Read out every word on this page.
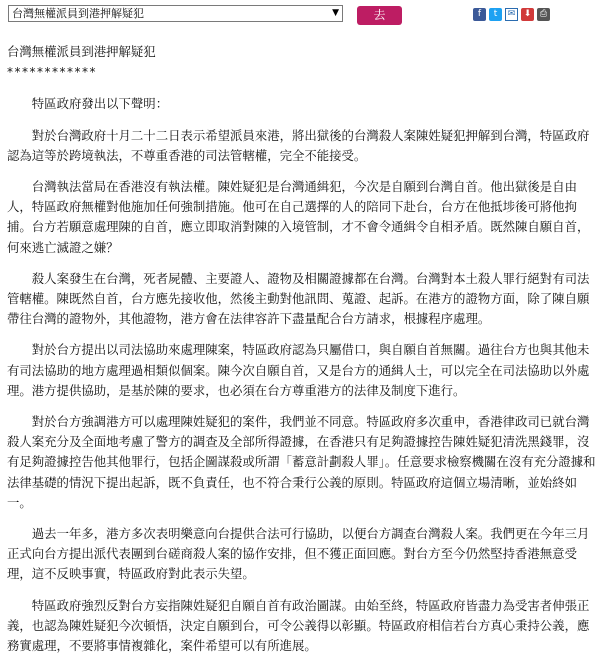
台灣無權派員到港押解疑犯	▼	去	f	t	✉ ⬇ ⎙

台灣無權派員到港押解疑犯

************

特區政府發出以下聲明：

對於台灣政府十月二十二日表示希望派員來港，將出獄後的台灣殺人案陳姓疑犯押解到台灣，特區政府認為這等於跨境執法，不尊重香港的司法管轄權，完全不能接受。

台灣執法當局在香港沒有執法權。陳姓疑犯是台灣通緝犯，今次是自願到台灣自首。他出獄後是自由人，特區政府無權對他施加任何強制措施。他可在自己選擇的人的陪同下赴台，台方在他抵埗後可將他拘捕。台方若願意處理陳的自首，應立即取消對陳的入境管制，才不會令通緝令自相矛盾。既然陳自願自首，何來逃亡滅證之嫌？

殺人案發生在台灣，死者屍體、主要證人、證物及相關證據都在台灣。台灣對本土殺人罪行絕對有司法管轄權。陳既然自首，台方應先接收他，然後主動對他訊問、蒐證、起訴。在港方的證物方面，除了陳自願帶往台灣的證物外，其他證物，港方會在法律容許下盡量配合台方請求，根據程序處理。

對於台方提出以司法協助來處理陳案，特區政府認為只屬借口，與自願自首無關。過往台方也與其他未有司法協助的地方處理過相類似個案。陳今次自願自首，又是台方的通緝人士，可以完全在司法協助以外處理。港方提供協助，是基於陳的要求，也必須在台方尊重港方的法律及制度下進行。

對於台方強調港方可以處理陳姓疑犯的案件，我們並不同意。特區政府多次重申，香港律政司已就台灣殺人案充分及全面地考慮了警方的調查及全部所得證據，在香港只有足夠證據控告陳姓疑犯清洗黑錢罪，沒有足夠證據控告他其他罪行，包括企圖謀殺或所謂「蓄意計劃殺人罪」。任意要求檢察機關在沒有充分證據和法律基礎的情況下提出起訴，既不負責任，也不符合秉行公義的原則。特區政府這個立場清晰，並始終如一。

過去一年多，港方多次表明樂意向台提供合法可行協助，以便台方調查台灣殺人案。我們更在今年三月正式向台方提出派代表團到台磋商殺人案的協作安排，但不獲正面回應。對台方至今仍然堅持香港無意受理，這不反映事實，特區政府對此表示失望。

特區政府強烈反對台方妄指陳姓疑犯自願自首有政治圖謀。由始至終，特區政府皆盡力為受害者伸張正義，也認為陳姓疑犯今次頓悟，決定自願到台，可令公義得以彰顯。特區政府相信若台方真心秉持公義，應務實處理，不要將事情複雜化，案件希望可以有所進展。
